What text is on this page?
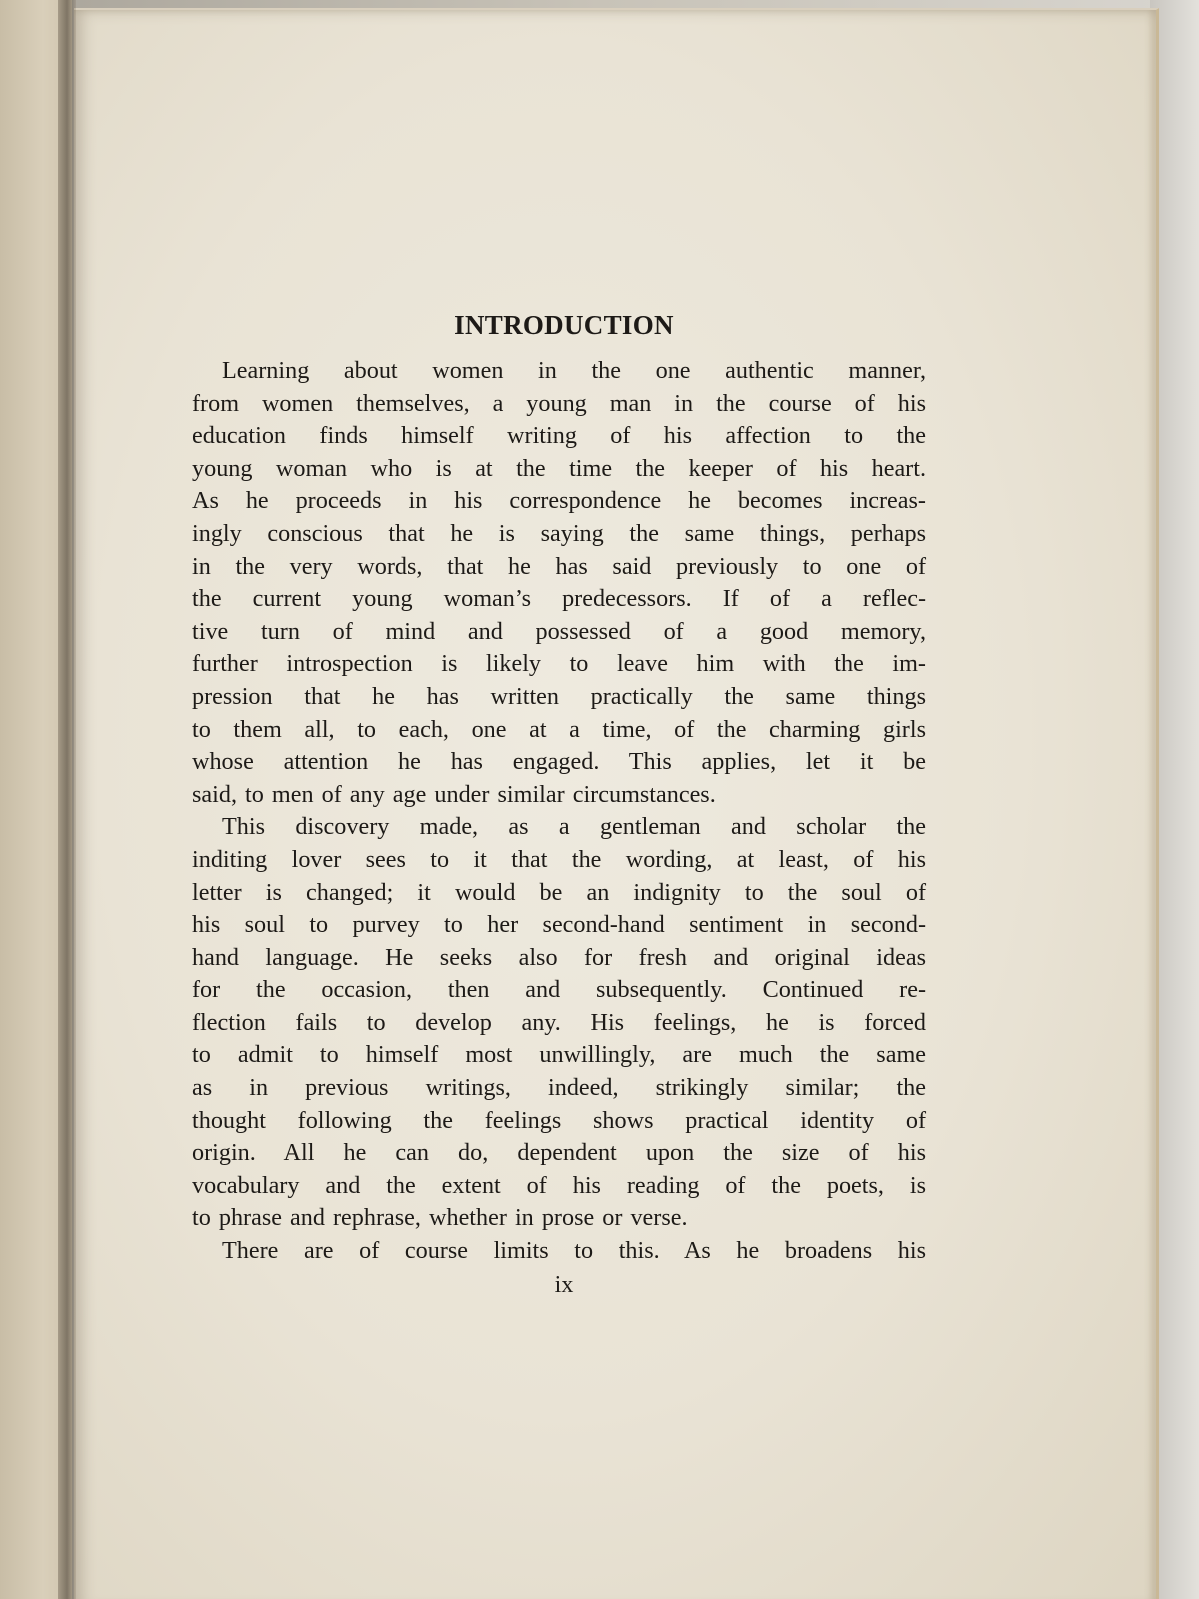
INTRODUCTION
Learning about women in the one authentic manner,
from women themselves, a young man in the course of his
education finds himself writing of his affection to the
young woman who is at the time the keeper of his heart.
As he proceeds in his correspondence he becomes increas-
ingly conscious that he is saying the same things, perhaps
in the very words, that he has said previously to one of
the current young woman’s predecessors. If of a reflec-
tive turn of mind and possessed of a good memory,
further introspection is likely to leave him with the im-
pression that he has written practically the same things
to them all, to each, one at a time, of the charming girls
whose attention he has engaged. This applies, let it be
said, to men of any age under similar circumstances.
This discovery made, as a gentleman and scholar the
inditing lover sees to it that the wording, at least, of his
letter is changed; it would be an indignity to the soul of
his soul to purvey to her second-hand sentiment in second-
hand language. He seeks also for fresh and original ideas
for the occasion, then and subsequently. Continued re-
flection fails to develop any. His feelings, he is forced
to admit to himself most unwillingly, are much the same
as in previous writings, indeed, strikingly similar; the
thought following the feelings shows practical identity of
origin. All he can do, dependent upon the size of his
vocabulary and the extent of his reading of the poets, is
to phrase and rephrase, whether in prose or verse.
There are of course limits to this. As he broadens his
ix
